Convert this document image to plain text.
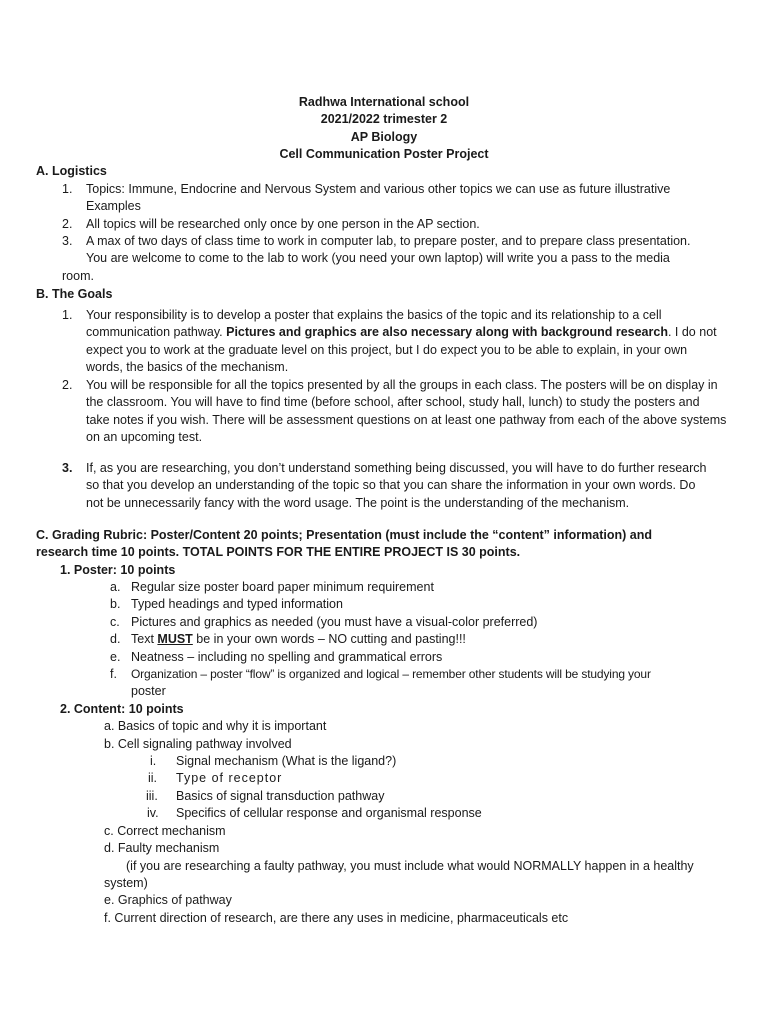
Radhwa International school
2021/2022 trimester 2
AP Biology
Cell Communication Poster Project
A. Logistics
1. Topics: Immune, Endocrine and Nervous System and various other topics we can use as future illustrative
Examples
2. All topics will be researched only once by one person in the AP section.
3. A max of two days of class time to work in computer lab, to prepare poster, and to prepare class presentation.
You are welcome to come to the lab to work (you need your own laptop) will write you a pass to the media
room.
B. The Goals
1. Your responsibility is to develop a poster that explains the basics of the topic and its relationship to a cell
communication pathway. Pictures and graphics are also necessary along with background research. I do not
expect you to work at the graduate level on this project, but I do expect you to be able to explain, in your own
words, the basics of the mechanism.
2. You will be responsible for all the topics presented by all the groups in each class. The posters will be on display in
the classroom. You will have to find time (before school, after school, study hall, lunch) to study the posters and
take notes if you wish. There will be assessment questions on at least one pathway from each of the above systems
on an upcoming test.
3. If, as you are researching, you don’t understand something being discussed, you will have to do further research
so that you develop an understanding of the topic so that you can share the information in your own words. Do
not be unnecessarily fancy with the word usage. The point is the understanding of the mechanism.
C. Grading Rubric: Poster/Content 20 points; Presentation (must include the “content” information) and
research time 10 points. TOTAL POINTS FOR THE ENTIRE PROJECT IS 30 points.
1. Poster: 10 points
a. Regular size poster board paper minimum requirement
b. Typed headings and typed information
c. Pictures and graphics as needed (you must have a visual-color preferred)
d. Text MUST be in your own words – NO cutting and pasting!!!
e. Neatness – including no spelling and grammatical errors
f. Organization – poster “flow” is organized and logical – remember other students will be studying your
poster
2. Content: 10 points
a. Basics of topic and why it is important
b. Cell signaling pathway involved
i. Signal mechanism (What is the ligand?)
ii. Type of receptor
iii. Basics of signal transduction pathway
iv. Specifics of cellular response and organismal response
c. Correct mechanism
d. Faulty mechanism
(if you are researching a faulty pathway, you must include what would NORMALLY happen in a healthy
system)
e. Graphics of pathway
f. Current direction of research, are there any uses in medicine, pharmaceuticals etc
